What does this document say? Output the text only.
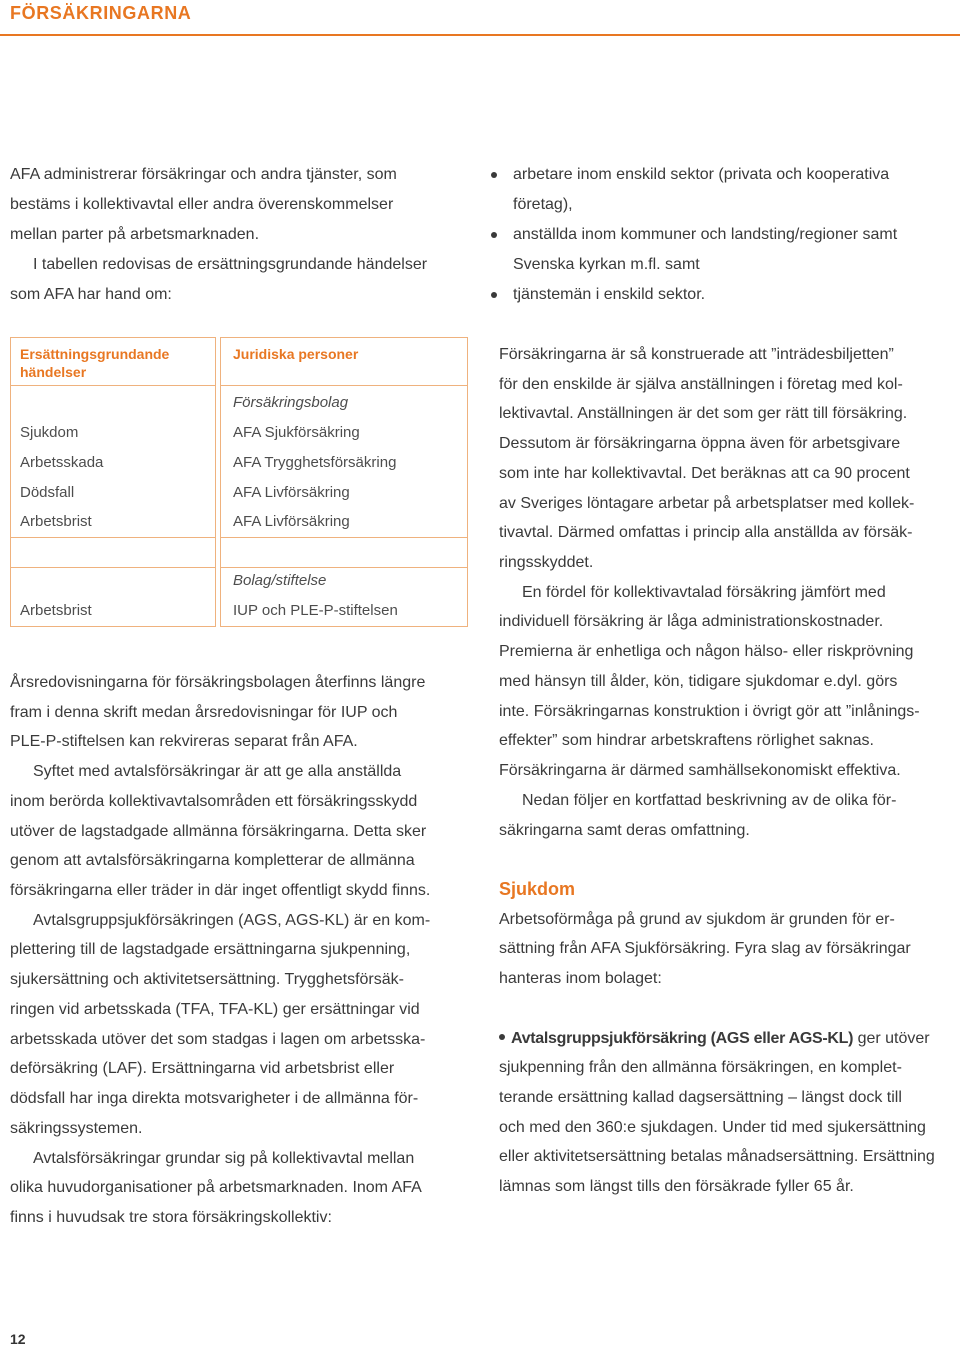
FÖRSÄKRINGARNA
AFA administrerar försäkringar och andra tjänster, som
bestäms i kollektivavtal eller andra överenskommelser
mellan parter på arbetsmarknaden.
I tabellen redovisas de ersättningsgrundande händelser
som AFA har hand om:
arbetare inom enskild sektor (privata och kooperativa
företag),
anställda inom kommuner och landsting/regioner samt
Svenska kyrkan m.fl. samt
tjänstemän i enskild sektor.
Ersättningsgrundande händelser
Sjukdom
Arbetsskada
Dödsfall
Arbetsbrist
Arbetsbrist
Juridiska personer
Försäkringsbolag
AFA Sjukförsäkring
AFA Trygghetsförsäkring
AFA Livförsäkring
AFA Livförsäkring
Bolag/stiftelse
IUP och PLE-P-stiftelsen
Årsredovisningarna för försäkringsbolagen återfinns längre
fram i denna skrift medan årsredovisningar för IUP och
PLE-P-stiftelsen kan rekvireras separat från AFA.
Syftet med avtalsförsäkringar är att ge alla anställda
inom berörda kollektivavtalsområden ett försäkringsskydd
utöver de lagstadgade allmänna försäkringarna. Detta sker
genom att avtalsförsäkringarna kompletterar de allmänna
försäkringarna eller träder in där inget offentligt skydd finns.
Avtalsgruppsjukförsäkringen (AGS, AGS-KL) är en kom-
plettering till de lagstadgade ersättningarna sjukpenning,
sjukersättning och aktivitetsersättning. Trygghetsförsäk-
ringen vid arbetsskada (TFA, TFA-KL) ger ersättningar vid
arbetsskada utöver det som stadgas i lagen om arbetsska-
deförsäkring (LAF). Ersättningarna vid arbetsbrist eller
dödsfall har inga direkta motsvarigheter i de allmänna för-
säkringssystemen.
Avtalsförsäkringar grundar sig på kollektivavtal mellan
olika huvudorganisationer på arbetsmarknaden. Inom AFA
finns i huvudsak tre stora försäkringskollektiv:
Försäkringarna är så konstruerade att ”inträdesbiljetten”
för den enskilde är själva anställningen i företag med kol-
lektivavtal. Anställningen är det som ger rätt till försäkring.
Dessutom är försäkringarna öppna även för arbetsgivare
som inte har kollektivavtal. Det beräknas att ca 90 procent
av Sveriges löntagare arbetar på arbetsplatser med kollek-
tivavtal. Därmed omfattas i princip alla anställda av försäk-
ringsskyddet.
En fördel för kollektivavtalad försäkring jämfört med
individuell försäkring är låga administrationskostnader.
Premierna är enhetliga och någon hälso- eller riskprövning
med hänsyn till ålder, kön, tidigare sjukdomar e.dyl. görs
inte. Försäkringarnas konstruktion i övrigt gör att ”inlånings-
effekter” som hindrar arbetskraftens rörlighet saknas.
Försäkringarna är därmed samhällsekonomiskt effektiva.
Nedan följer en kortfattad beskrivning av de olika för-
säkringarna samt deras omfattning.
Sjukdom
Arbetsoförmåga på grund av sjukdom är grunden för er-
sättning från AFA Sjukförsäkring. Fyra slag av försäkringar
hanteras inom bolaget:
Avtalsgruppsjukförsäkring (AGS eller AGS-KL) ger utöver
sjukpenning från den allmänna försäkringen, en komplet-
terande ersättning kallad dagsersättning – längst dock till
och med den 360:e sjukdagen. Under tid med sjukersättning
eller aktivitetsersättning betalas månadsersättning. Ersättning
lämnas som längst tills den försäkrade fyller 65 år.
12
